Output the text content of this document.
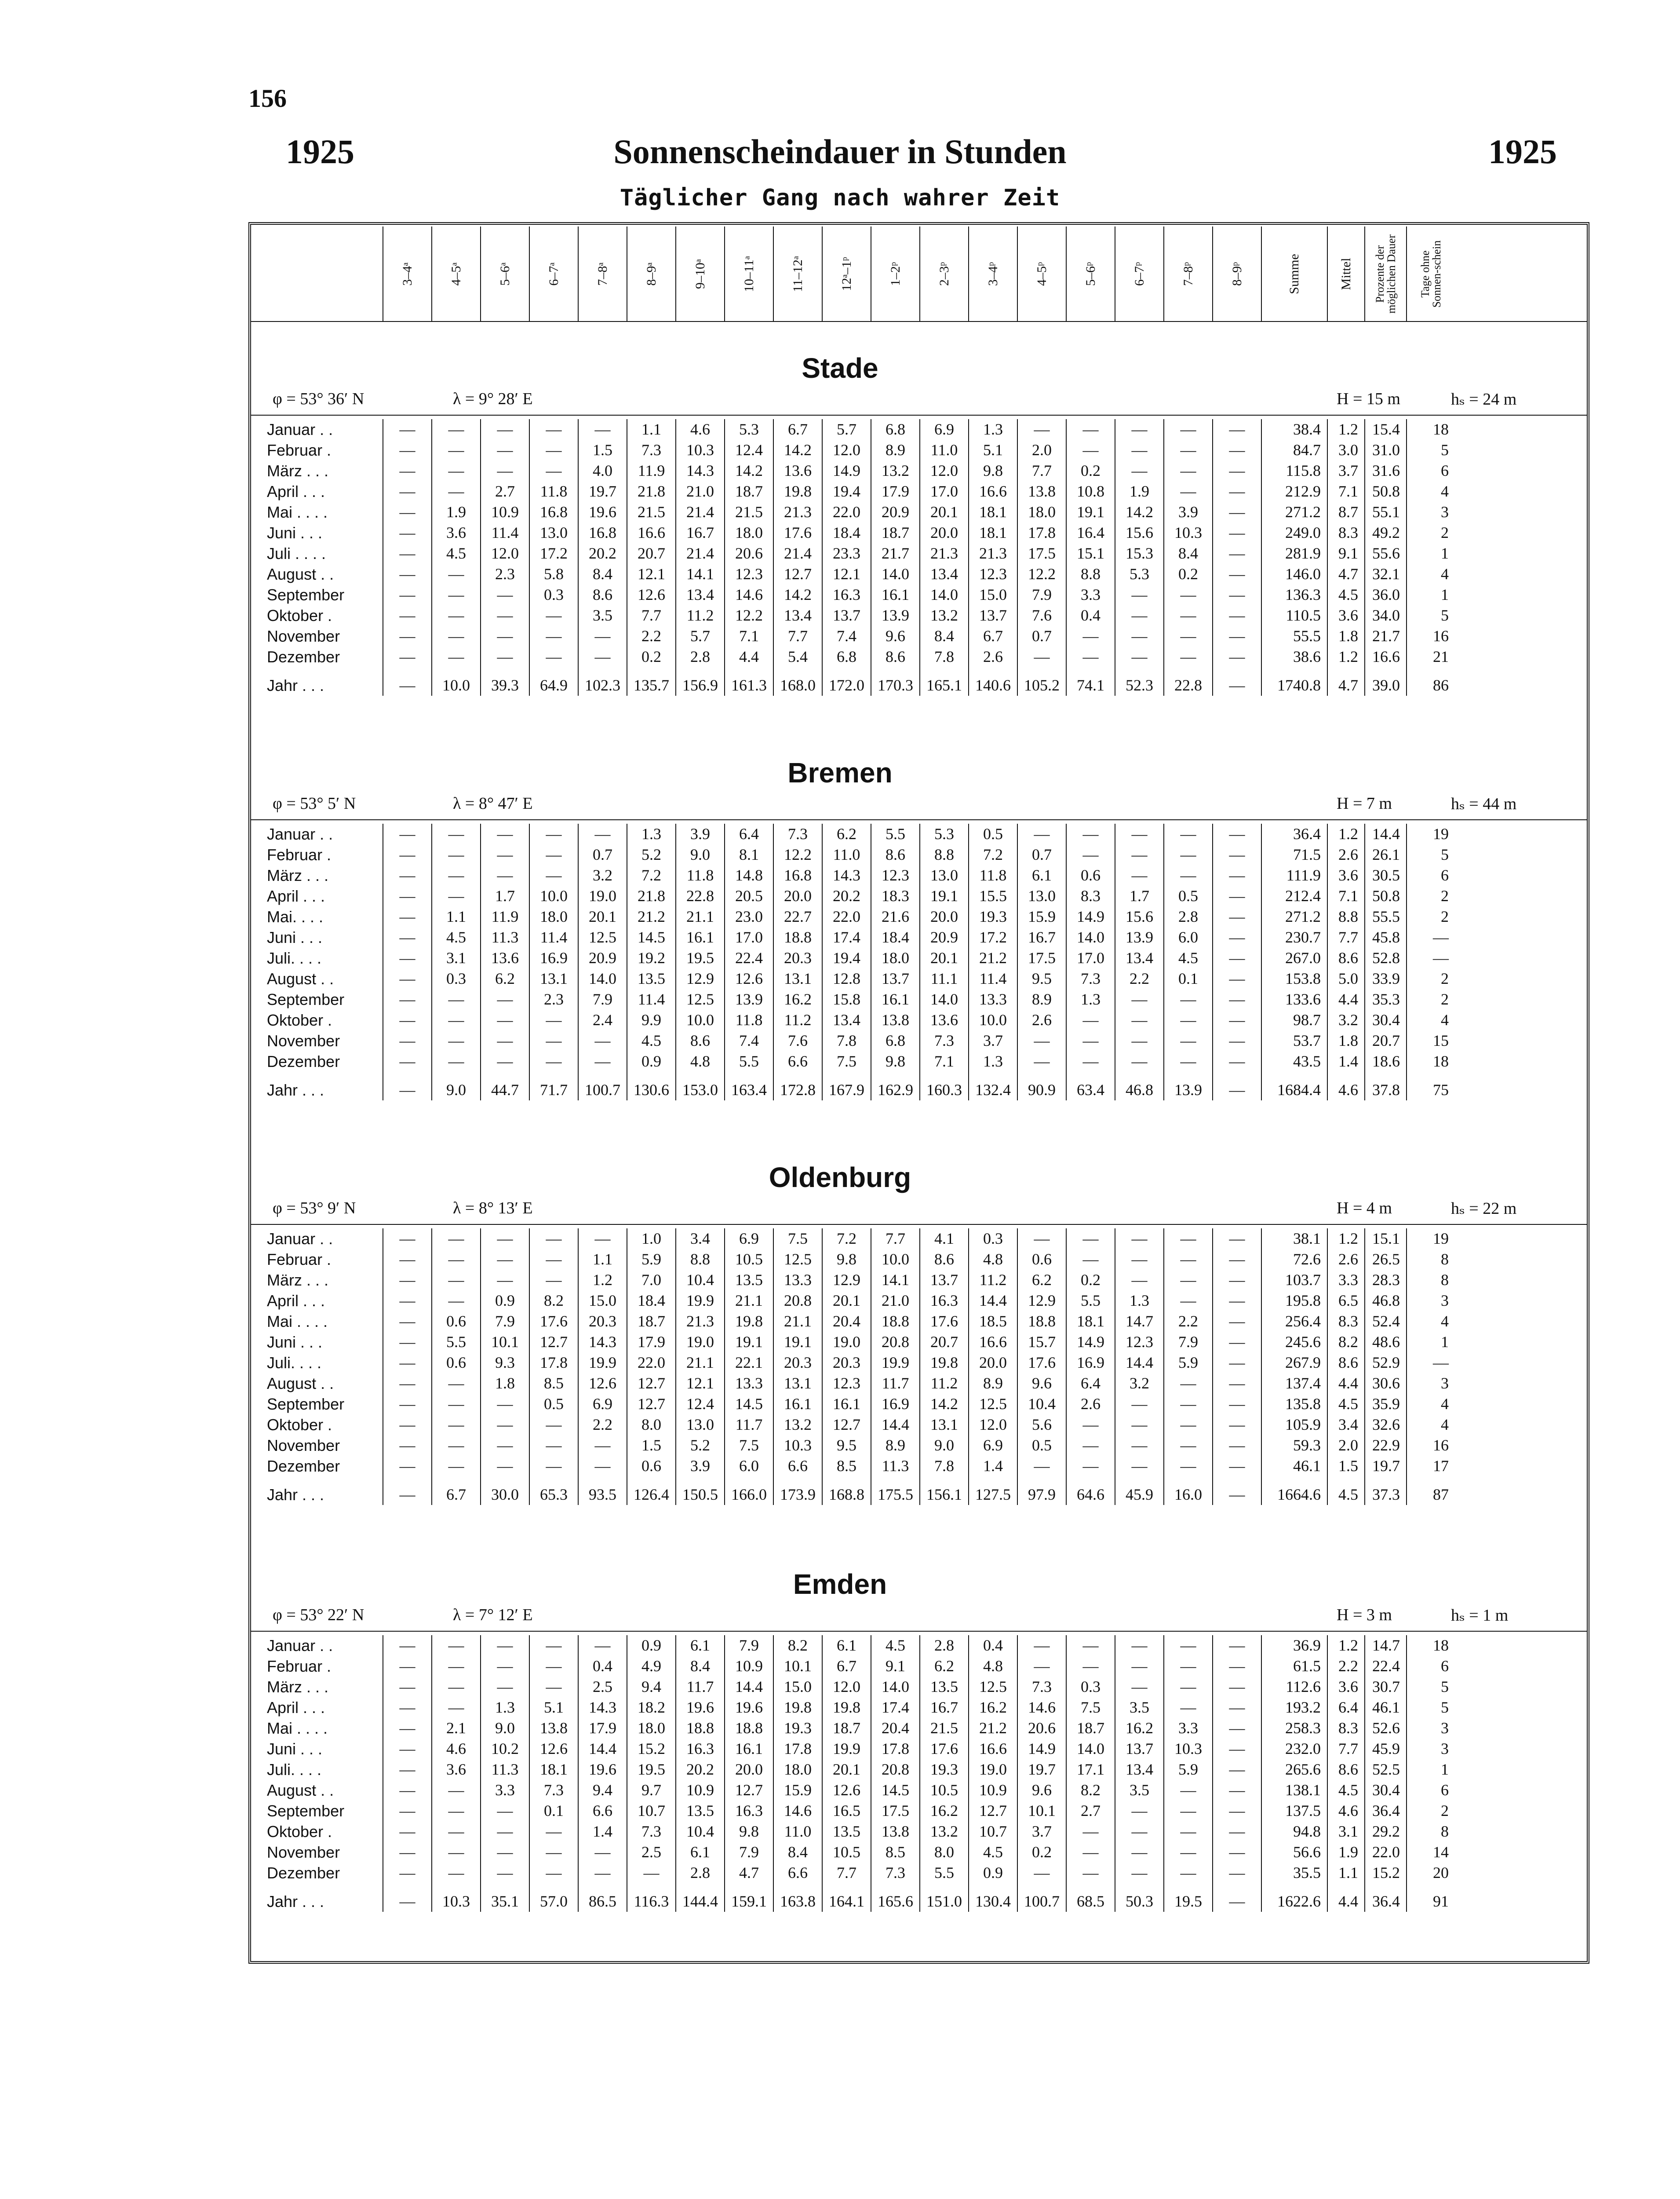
156
1925	Sonnenscheindauer in Stunden	1925
Täglicher Gang nach wahrer Zeit

3–4ᵃ	4–5ᵃ	5–6ᵃ	6–7ᵃ	7–8ᵃ	8–9ᵃ	9–10ᵃ	10–11ᵃ	11–12ᵃ	12ᵃ–1ᵖ	1–2ᵖ	2–3ᵖ	3–4ᵖ	4–5ᵖ	5–6ᵖ	6–7ᵖ	7–8ᵖ	8–9ᵖ	Summe	Mittel	Prozente der möglichen Dauer	Tage ohne Sonnen-schein
Stade
φ = 53° 36′ N	λ = 9° 28′ E	H = 15 m	hₛ = 24 m
Januar . .	—	—	—	—	—	1.1	4.6	5.3	6.7	5.7	6.8	6.9	1.3	—	—	—	—	—	38.4	1.2	15.4	18
Februar .	—	—	—	—	1.5	7.3	10.3	12.4	14.2	12.0	8.9	11.0	5.1	2.0	—	—	—	—	84.7	3.0	31.0	5
März . . .	—	—	—	—	4.0	11.9	14.3	14.2	13.6	14.9	13.2	12.0	9.8	7.7	0.2	—	—	—	115.8	3.7	31.6	6
April . . .	—	—	2.7	11.8	19.7	21.8	21.0	18.7	19.8	19.4	17.9	17.0	16.6	13.8	10.8	1.9	—	—	212.9	7.1	50.8	4
Mai . . . .	—	1.9	10.9	16.8	19.6	21.5	21.4	21.5	21.3	22.0	20.9	20.1	18.1	18.0	19.1	14.2	3.9	—	271.2	8.7	55.1	3
Juni . . .	—	3.6	11.4	13.0	16.8	16.6	16.7	18.0	17.6	18.4	18.7	20.0	18.1	17.8	16.4	15.6	10.3	—	249.0	8.3	49.2	2
Juli . . . .	—	4.5	12.0	17.2	20.2	20.7	21.4	20.6	21.4	23.3	21.7	21.3	21.3	17.5	15.1	15.3	8.4	—	281.9	9.1	55.6	1
August . .	—	—	2.3	5.8	8.4	12.1	14.1	12.3	12.7	12.1	14.0	13.4	12.3	12.2	8.8	5.3	0.2	—	146.0	4.7	32.1	4
September	—	—	—	0.3	8.6	12.6	13.4	14.6	14.2	16.3	16.1	14.0	15.0	7.9	3.3	—	—	—	136.3	4.5	36.0	1
Oktober .	—	—	—	—	3.5	7.7	11.2	12.2	13.4	13.7	13.9	13.2	13.7	7.6	0.4	—	—	—	110.5	3.6	34.0	5
November	—	—	—	—	—	2.2	5.7	7.1	7.7	7.4	9.6	8.4	6.7	0.7	—	—	—	—	55.5	1.8	21.7	16
Dezember	—	—	—	—	—	0.2	2.8	4.4	5.4	6.8	8.6	7.8	2.6	—	—	—	—	—	38.6	1.2	16.6	21
Jahr . . .	—	10.0	39.3	64.9	102.3	135.7	156.9	161.3	168.0	172.0	170.3	165.1	140.6	105.2	74.1	52.3	22.8	—	1740.8	4.7	39.0	86
Bremen
φ = 53° 5′ N	λ = 8° 47′ E	H = 7 m	hₛ = 44 m
Januar . .	—	—	—	—	—	1.3	3.9	6.4	7.3	6.2	5.5	5.3	0.5	—	—	—	—	—	36.4	1.2	14.4	19
Februar .	—	—	—	—	0.7	5.2	9.0	8.1	12.2	11.0	8.6	8.8	7.2	0.7	—	—	—	—	71.5	2.6	26.1	5
März . . .	—	—	—	—	3.2	7.2	11.8	14.8	16.8	14.3	12.3	13.0	11.8	6.1	0.6	—	—	—	111.9	3.6	30.5	6
April . . .	—	—	1.7	10.0	19.0	21.8	22.8	20.5	20.0	20.2	18.3	19.1	15.5	13.0	8.3	1.7	0.5	—	212.4	7.1	50.8	2
Mai. . . .	—	1.1	11.9	18.0	20.1	21.2	21.1	23.0	22.7	22.0	21.6	20.0	19.3	15.9	14.9	15.6	2.8	—	271.2	8.8	55.5	2
Juni . . .	—	4.5	11.3	11.4	12.5	14.5	16.1	17.0	18.8	17.4	18.4	20.9	17.2	16.7	14.0	13.9	6.0	—	230.7	7.7	45.8	—
Juli. . . .	—	3.1	13.6	16.9	20.9	19.2	19.5	22.4	20.3	19.4	18.0	20.1	21.2	17.5	17.0	13.4	4.5	—	267.0	8.6	52.8	—
August . .	—	0.3	6.2	13.1	14.0	13.5	12.9	12.6	13.1	12.8	13.7	11.1	11.4	9.5	7.3	2.2	0.1	—	153.8	5.0	33.9	2
September	—	—	—	2.3	7.9	11.4	12.5	13.9	16.2	15.8	16.1	14.0	13.3	8.9	1.3	—	—	—	133.6	4.4	35.3	2
Oktober .	—	—	—	—	2.4	9.9	10.0	11.8	11.2	13.4	13.8	13.6	10.0	2.6	—	—	—	—	98.7	3.2	30.4	4
November	—	—	—	—	—	4.5	8.6	7.4	7.6	7.8	6.8	7.3	3.7	—	—	—	—	—	53.7	1.8	20.7	15
Dezember	—	—	—	—	—	0.9	4.8	5.5	6.6	7.5	9.8	7.1	1.3	—	—	—	—	—	43.5	1.4	18.6	18
Jahr . . .	—	9.0	44.7	71.7	100.7	130.6	153.0	163.4	172.8	167.9	162.9	160.3	132.4	90.9	63.4	46.8	13.9	—	1684.4	4.6	37.8	75
Oldenburg
φ = 53° 9′ N	λ = 8° 13′ E	H = 4 m	hₛ = 22 m
Januar . .	—	—	—	—	—	1.0	3.4	6.9	7.5	7.2	7.7	4.1	0.3	—	—	—	—	—	38.1	1.2	15.1	19
Februar .	—	—	—	—	1.1	5.9	8.8	10.5	12.5	9.8	10.0	8.6	4.8	0.6	—	—	—	—	72.6	2.6	26.5	8
März . . .	—	—	—	—	1.2	7.0	10.4	13.5	13.3	12.9	14.1	13.7	11.2	6.2	0.2	—	—	—	103.7	3.3	28.3	8
April . . .	—	—	0.9	8.2	15.0	18.4	19.9	21.1	20.8	20.1	21.0	16.3	14.4	12.9	5.5	1.3	—	—	195.8	6.5	46.8	3
Mai . . . .	—	0.6	7.9	17.6	20.3	18.7	21.3	19.8	21.1	20.4	18.8	17.6	18.5	18.8	18.1	14.7	2.2	—	256.4	8.3	52.4	4
Juni . . .	—	5.5	10.1	12.7	14.3	17.9	19.0	19.1	19.1	19.0	20.8	20.7	16.6	15.7	14.9	12.3	7.9	—	245.6	8.2	48.6	1
Juli. . . .	—	0.6	9.3	17.8	19.9	22.0	21.1	22.1	20.3	20.3	19.9	19.8	20.0	17.6	16.9	14.4	5.9	—	267.9	8.6	52.9	—
August . .	—	—	1.8	8.5	12.6	12.7	12.1	13.3	13.1	12.3	11.7	11.2	8.9	9.6	6.4	3.2	—	—	137.4	4.4	30.6	3
September	—	—	—	0.5	6.9	12.7	12.4	14.5	16.1	16.1	16.9	14.2	12.5	10.4	2.6	—	—	—	135.8	4.5	35.9	4
Oktober .	—	—	—	—	2.2	8.0	13.0	11.7	13.2	12.7	14.4	13.1	12.0	5.6	—	—	—	—	105.9	3.4	32.6	4
November	—	—	—	—	—	1.5	5.2	7.5	10.3	9.5	8.9	9.0	6.9	0.5	—	—	—	—	59.3	2.0	22.9	16
Dezember	—	—	—	—	—	0.6	3.9	6.0	6.6	8.5	11.3	7.8	1.4	—	—	—	—	—	46.1	1.5	19.7	17
Jahr . . .	—	6.7	30.0	65.3	93.5	126.4	150.5	166.0	173.9	168.8	175.5	156.1	127.5	97.9	64.6	45.9	16.0	—	1664.6	4.5	37.3	87
Emden
φ = 53° 22′ N	λ = 7° 12′ E	H = 3 m	hₛ = 1 m
Januar . .	—	—	—	—	—	0.9	6.1	7.9	8.2	6.1	4.5	2.8	0.4	—	—	—	—	—	36.9	1.2	14.7	18
Februar .	—	—	—	—	0.4	4.9	8.4	10.9	10.1	6.7	9.1	6.2	4.8	—	—	—	—	—	61.5	2.2	22.4	6
März . . .	—	—	—	—	2.5	9.4	11.7	14.4	15.0	12.0	14.0	13.5	12.5	7.3	0.3	—	—	—	112.6	3.6	30.7	5
April . . .	—	—	1.3	5.1	14.3	18.2	19.6	19.6	19.8	19.8	17.4	16.7	16.2	14.6	7.5	3.5	—	—	193.2	6.4	46.1	5
Mai . . . .	—	2.1	9.0	13.8	17.9	18.0	18.8	18.8	19.3	18.7	20.4	21.5	21.2	20.6	18.7	16.2	3.3	—	258.3	8.3	52.6	3
Juni . . .	—	4.6	10.2	12.6	14.4	15.2	16.3	16.1	17.8	19.9	17.8	17.6	16.6	14.9	14.0	13.7	10.3	—	232.0	7.7	45.9	3
Juli. . . .	—	3.6	11.3	18.1	19.6	19.5	20.2	20.0	18.0	20.1	20.8	19.3	19.0	19.7	17.1	13.4	5.9	—	265.6	8.6	52.5	1
August . .	—	—	3.3	7.3	9.4	9.7	10.9	12.7	15.9	12.6	14.5	10.5	10.9	9.6	8.2	3.5	—	—	138.1	4.5	30.4	6
September	—	—	—	0.1	6.6	10.7	13.5	16.3	14.6	16.5	17.5	16.2	12.7	10.1	2.7	—	—	—	137.5	4.6	36.4	2
Oktober .	—	—	—	—	1.4	7.3	10.4	9.8	11.0	13.5	13.8	13.2	10.7	3.7	—	—	—	—	94.8	3.1	29.2	8
November	—	—	—	—	—	2.5	6.1	7.9	8.4	10.5	8.5	8.0	4.5	0.2	—	—	—	—	56.6	1.9	22.0	14
Dezember	—	—	—	—	—	—	2.8	4.7	6.6	7.7	7.3	5.5	0.9	—	—	—	—	—	35.5	1.1	15.2	20
Jahr . . .	—	10.3	35.1	57.0	86.5	116.3	144.4	159.1	163.8	164.1	165.6	151.0	130.4	100.7	68.5	50.3	19.5	—	1622.6	4.4	36.4	91
